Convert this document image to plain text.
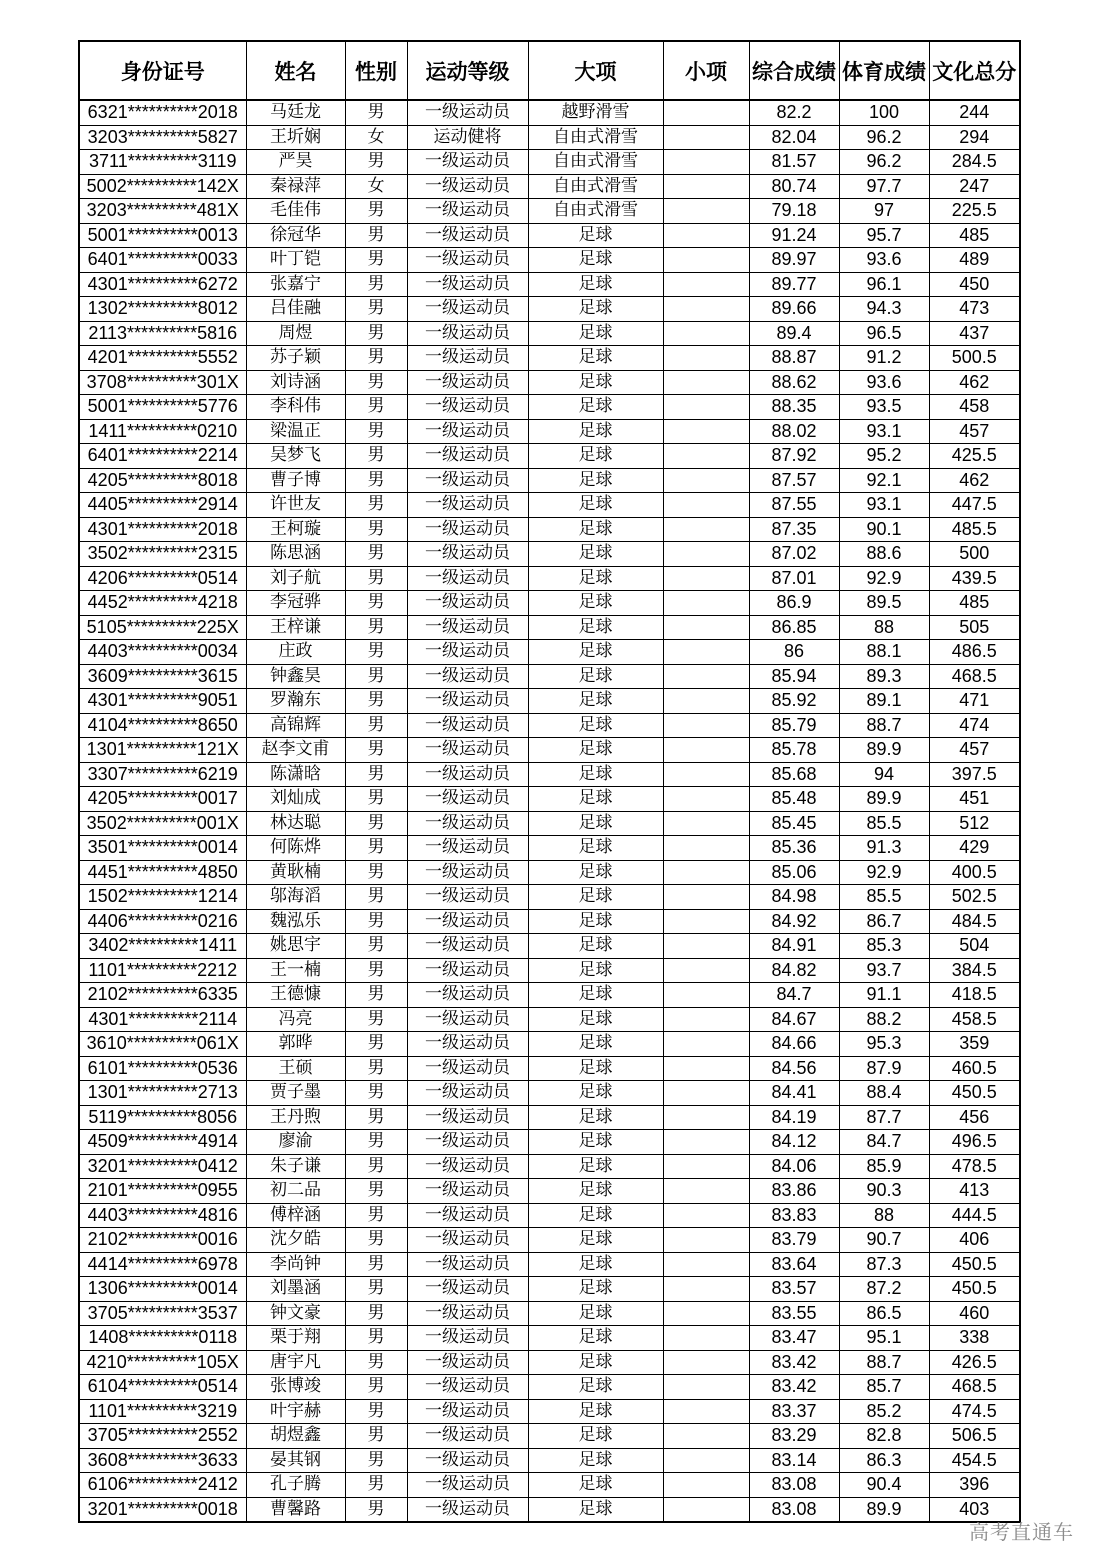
身份证号	姓名	性别	运动等级	大项	小项	综合成绩	体育成绩	文化总分
6321**********2018	马廷龙	男	一级运动员	越野滑雪		82.2	100	244
3203**********5827	王圻娴	女	运动健将	自由式滑雪		82.04	96.2	294
3711**********3119	严昊	男	一级运动员	自由式滑雪		81.57	96.2	284.5
5002**********142X	秦禄萍	女	一级运动员	自由式滑雪		80.74	97.7	247
3203**********481X	毛佳伟	男	一级运动员	自由式滑雪		79.18	97	225.5
5001**********0013	徐冠华	男	一级运动员	足球		91.24	95.7	485
6401**********0033	叶丁铠	男	一级运动员	足球		89.97	93.6	489
4301**********6272	张嘉宁	男	一级运动员	足球		89.77	96.1	450
1302**********8012	吕佳融	男	一级运动员	足球		89.66	94.3	473
2113**********5816	周煜	男	一级运动员	足球		89.4	96.5	437
4201**********5552	苏子颖	男	一级运动员	足球		88.87	91.2	500.5
3708**********301X	刘诗涵	男	一级运动员	足球		88.62	93.6	462
5001**********5776	李科伟	男	一级运动员	足球		88.35	93.5	458
1411**********0210	梁温正	男	一级运动员	足球		88.02	93.1	457
6401**********2214	吴梦飞	男	一级运动员	足球		87.92	95.2	425.5
4205**********8018	曹子博	男	一级运动员	足球		87.57	92.1	462
4405**********2914	许世友	男	一级运动员	足球		87.55	93.1	447.5
4301**********2018	王柯璇	男	一级运动员	足球		87.35	90.1	485.5
3502**********2315	陈思涵	男	一级运动员	足球		87.02	88.6	500
4206**********0514	刘子航	男	一级运动员	足球		87.01	92.9	439.5
4452**********4218	李冠骅	男	一级运动员	足球		86.9	89.5	485
5105**********225X	王梓谦	男	一级运动员	足球		86.85	88	505
4403**********0034	庄政	男	一级运动员	足球		86	88.1	486.5
3609**********3615	钟鑫昊	男	一级运动员	足球		85.94	89.3	468.5
4301**********9051	罗瀚东	男	一级运动员	足球		85.92	89.1	471
4104**********8650	高锦辉	男	一级运动员	足球		85.79	88.7	474
1301**********121X	赵李文甫	男	一级运动员	足球		85.78	89.9	457
3307**********6219	陈潇晗	男	一级运动员	足球		85.68	94	397.5
4205**********0017	刘灿成	男	一级运动员	足球		85.48	89.9	451
3502**********001X	林达聪	男	一级运动员	足球		85.45	85.5	512
3501**********0014	何陈烨	男	一级运动员	足球		85.36	91.3	429
4451**********4850	黄耿楠	男	一级运动员	足球		85.06	92.9	400.5
1502**********1214	邬海滔	男	一级运动员	足球		84.98	85.5	502.5
4406**********0216	魏泓乐	男	一级运动员	足球		84.92	86.7	484.5
3402**********1411	姚思宇	男	一级运动员	足球		84.91	85.3	504
1101**********2212	王一楠	男	一级运动员	足球		84.82	93.7	384.5
2102**********6335	王德慷	男	一级运动员	足球		84.7	91.1	418.5
4301**********2114	冯亮	男	一级运动员	足球		84.67	88.2	458.5
3610**********061X	郭晔	男	一级运动员	足球		84.66	95.3	359
6101**********0536	王硕	男	一级运动员	足球		84.56	87.9	460.5
1301**********2713	贾子墨	男	一级运动员	足球		84.41	88.4	450.5
5119**********8056	王丹煦	男	一级运动员	足球		84.19	87.7	456
4509**********4914	廖渝	男	一级运动员	足球		84.12	84.7	496.5
3201**********0412	朱子谦	男	一级运动员	足球		84.06	85.9	478.5
2101**********0955	初二品	男	一级运动员	足球		83.86	90.3	413
4403**********4816	傅梓涵	男	一级运动员	足球		83.83	88	444.5
2102**********0016	沈夕皓	男	一级运动员	足球		83.79	90.7	406
4414**********6978	李尚钟	男	一级运动员	足球		83.64	87.3	450.5
1306**********0014	刘墨涵	男	一级运动员	足球		83.57	87.2	450.5
3705**********3537	钟文豪	男	一级运动员	足球		83.55	86.5	460
1408**********0118	栗于翔	男	一级运动员	足球		83.47	95.1	338
4210**********105X	唐宇凡	男	一级运动员	足球		83.42	88.7	426.5
6104**********0514	张博竣	男	一级运动员	足球		83.42	85.7	468.5
1101**********3219	叶宇赫	男	一级运动员	足球		83.37	85.2	474.5
3705**********2552	胡煜鑫	男	一级运动员	足球		83.29	82.8	506.5
3608**********3633	晏其钢	男	一级运动员	足球		83.14	86.3	454.5
6106**********2412	孔子腾	男	一级运动员	足球		83.08	90.4	396
3201**********0018	曹馨路	男	一级运动员	足球		83.08	89.9	403
高考直通车
